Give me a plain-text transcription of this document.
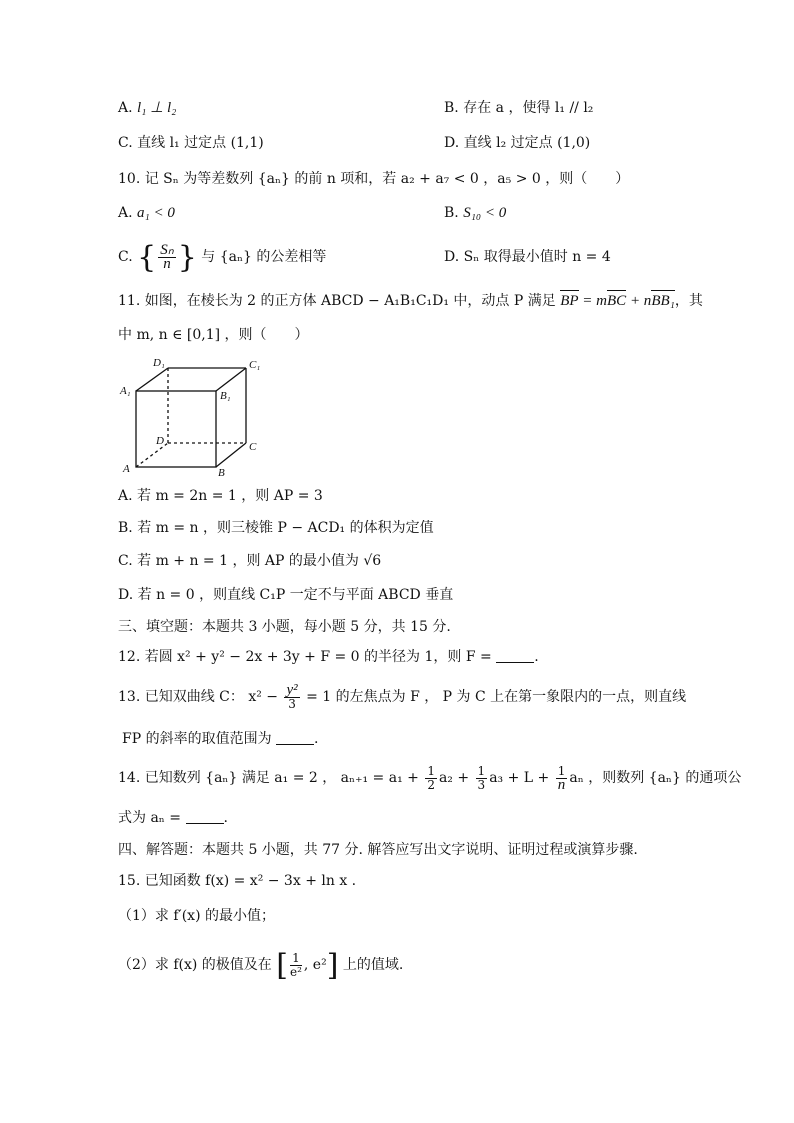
A. l₁ ⊥ l₂	B. 存在 a ，使得 l₁ // l₂
C. 直线 l₁ 过定点 (1,1)	D. 直线 l₂ 过定点 (1,0)
10. 记 Sₙ 为等差数列 {aₙ} 的前 n 项和，若 a₂ + a₇ < 0 ，a₅ > 0 ，则（　　）
A. a₁ < 0	B. S₁₀ < 0
C. { $\frac{\text{Sₙ}}{n}$ } 与 {aₙ} 的公差相等	D. Sₙ 取得最小值时 n = 4
11. 如图，在棱长为 2 的正方体 ABCD − A₁B₁C₁D₁ 中，动点 P 满足 BP = mBC + nBB₁，其
中 m, n ∈ [0,1] ，则（　　）
D₁	C₁
A₁	B₁
D	C
A	B
A. 若 m = 2n = 1 ，则 AP = 3
B. 若 m = n ，则三棱锥 P − ACD₁ 的体积为定值
C. 若 m + n = 1 ，则 AP 的最小值为 √6
D. 若 n = 0 ，则直线 C₁P 一定不与平面 ABCD 垂直
三、填空题：本题共 3 小题，每小题 5 分，共 15 分.
12. 若圆 x² + y² − 2x + 3y + F = 0 的半径为 1，则 F =	.
13. 已知双曲线 C： $x^2 - \frac{\text{y²}}{3} = 1$ 的左焦点为 F ， P 为 C 上在第一象限内的一点，则直线
FP 的斜率的取值范围为	.
14. 已知数列 {aₙ} 满足 a₁ = 2 ， $a_{n+1} = a_1 + \frac{1}{2} a_2 + \frac{1}{3} a_3 + L + \frac{1}{n}$ aₙ ，则数列 {aₙ} 的通项公
式为 aₙ =	.
四、解答题：本题共 5 小题，共 77 分. 解答应写出文字说明、证明过程或演算步骤.
15. 已知函数 f(x) = x² − 3x + ln x .
（1）求 f′(x) 的最小值；
（2）求 f(x) 的极值及在 [ $\frac{1}{\text{e²}}$ , e²] 上的值域.
